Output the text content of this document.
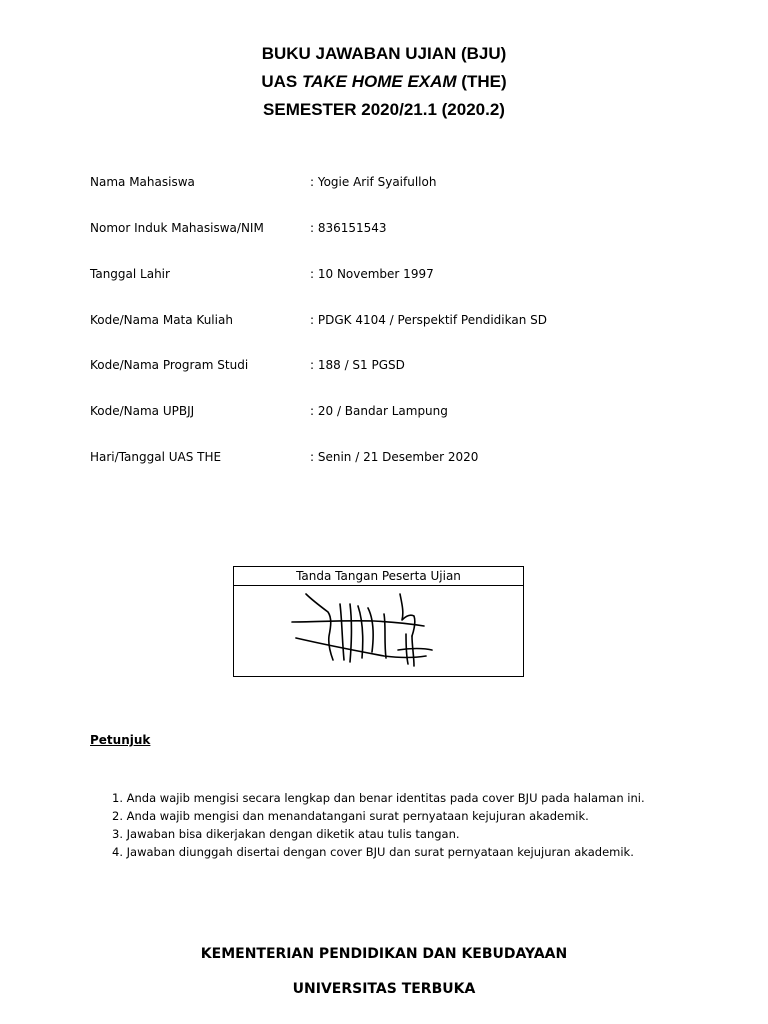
BUKU JAWABAN UJIAN (BJU)
UAS TAKE HOME EXAM (THE)
SEMESTER 2020/21.1 (2020.2)
Nama Mahasiswa	: Yogie Arif Syaifulloh
Nomor Induk Mahasiswa/NIM	: 836151543
Tanggal Lahir	: 10 November 1997
Kode/Nama Mata Kuliah	: PDGK 4104 / Perspektif Pendidikan SD
Kode/Nama Program Studi	: 188 / S1 PGSD
Kode/Nama UPBJJ	: 20 / Bandar Lampung
Hari/Tanggal UAS THE	: Senin / 21 Desember 2020
Tanda Tangan Peserta Ujian
Petunjuk
1. Anda wajib mengisi secara lengkap dan benar identitas pada cover BJU pada halaman ini.
2. Anda wajib mengisi dan menandatangani surat pernyataan kejujuran akademik.
3. Jawaban bisa dikerjakan dengan diketik atau tulis tangan.
4. Jawaban diunggah disertai dengan cover BJU dan surat pernyataan kejujuran akademik.
KEMENTERIAN PENDIDIKAN DAN KEBUDAYAAN
UNIVERSITAS TERBUKA
